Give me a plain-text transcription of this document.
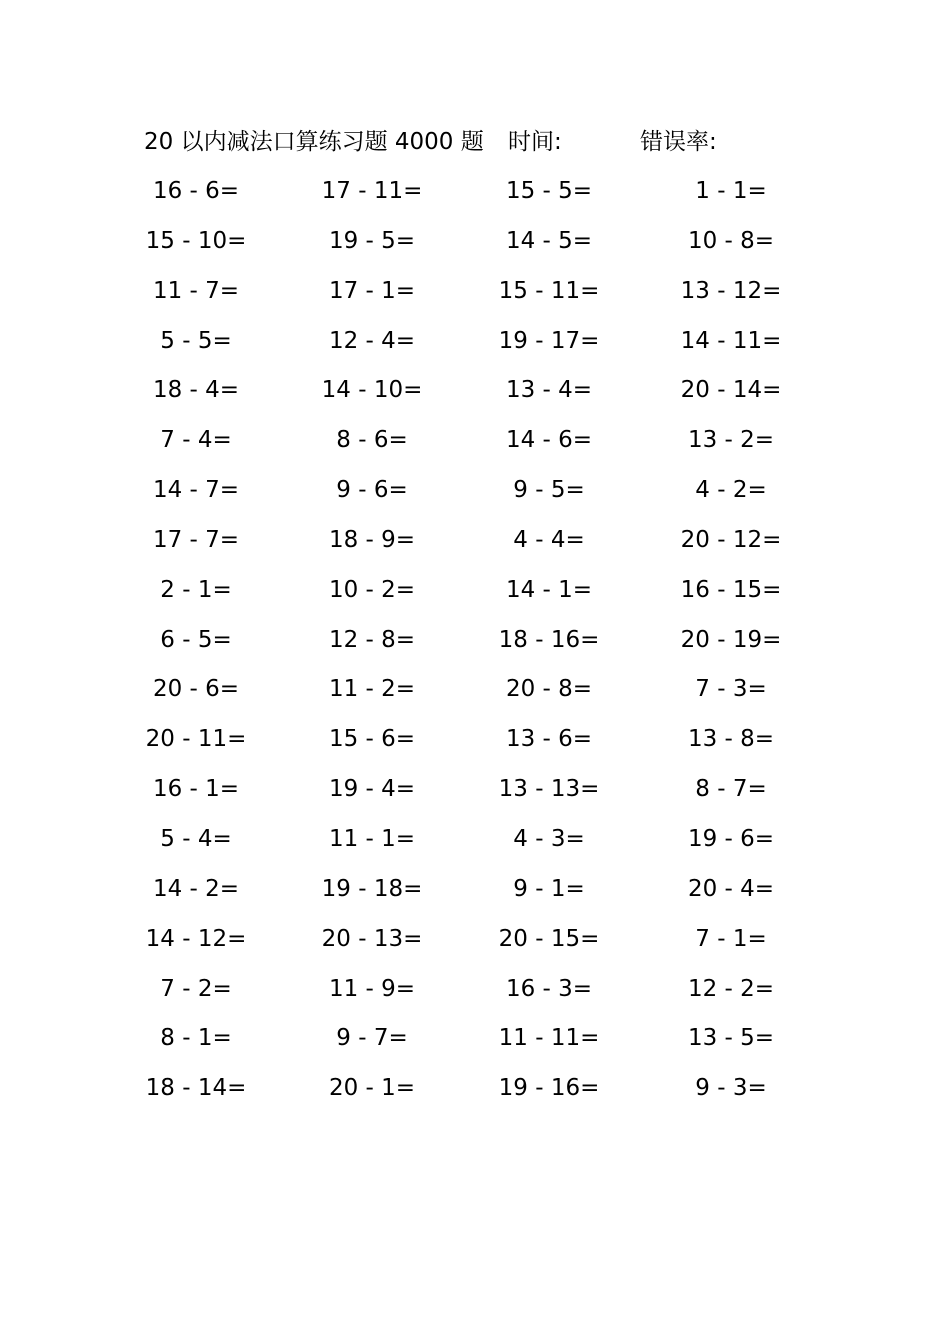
20 以内减法口算练习题 4000 题 时间:	错误率:
16 - 6=	17 - 11=	15 - 5=	1 - 1=
15 - 10=	19 - 5=	14 - 5=	10 - 8=
11 - 7=	17 - 1=	15 - 11=	13 - 12=
5 - 5=	12 - 4=	19 - 17=	14 - 11=
18 - 4=	14 - 10=	13 - 4=	20 - 14=
7 - 4=	8 - 6=	14 - 6=	13 - 2=
14 - 7=	9 - 6=	9 - 5=	4 - 2=
17 - 7=	18 - 9=	4 - 4=	20 - 12=
2 - 1=	10 - 2=	14 - 1=	16 - 15=
6 - 5=	12 - 8=	18 - 16=	20 - 19=
20 - 6=	11 - 2=	20 - 8=	7 - 3=
20 - 11=	15 - 6=	13 - 6=	13 - 8=
16 - 1=	19 - 4=	13 - 13=	8 - 7=
5 - 4=	11 - 1=	4 - 3=	19 - 6=
14 - 2=	19 - 18=	9 - 1=	20 - 4=
14 - 12=	20 - 13=	20 - 15=	7 - 1=
7 - 2=	11 - 9=	16 - 3=	12 - 2=
8 - 1=	9 - 7=	11 - 11=	13 - 5=
18 - 14=	20 - 1=	19 - 16=	9 - 3=
